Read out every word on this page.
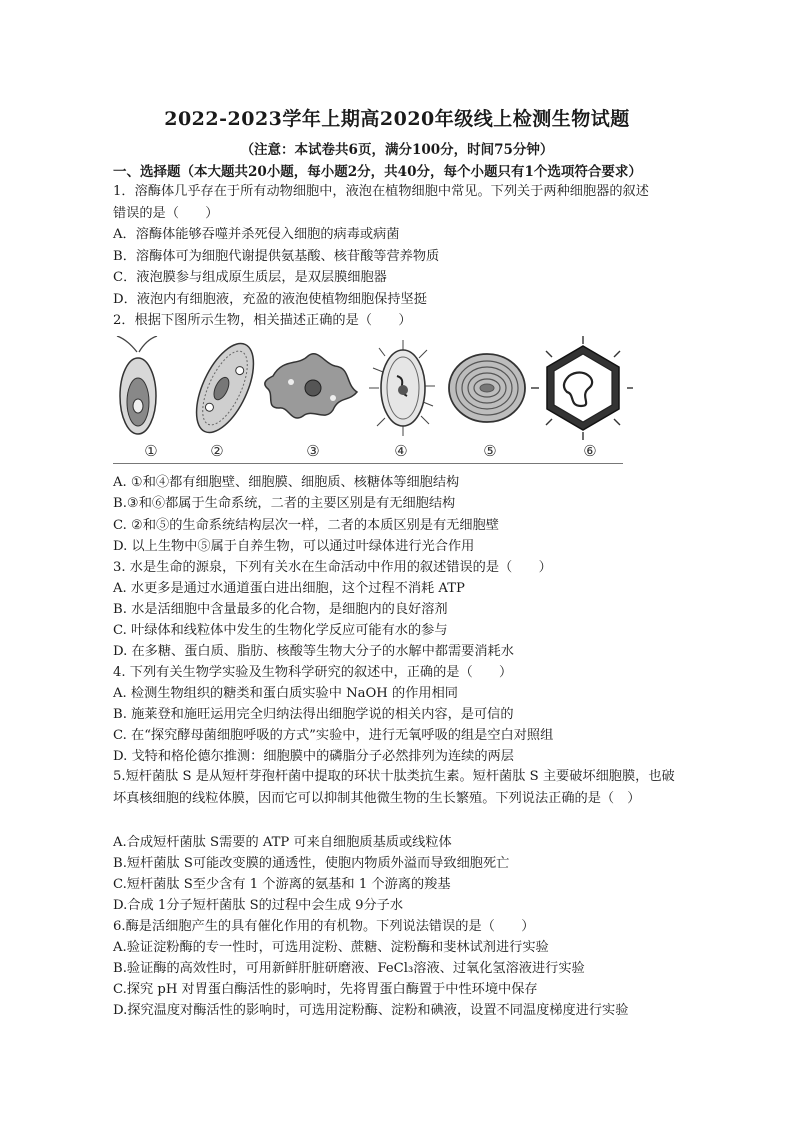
2022-2023学年上期高2020年级线上检测生物试题
（注意：本试卷共6页，满分100分，时间75分钟）
一、选择题（本大题共20小题，每小题2分，共40分，每个小题只有1个选项符合要求）
1．溶酶体几乎存在于所有动物细胞中，液泡在植物细胞中常见。下列关于两种细胞器的叙述
错误的是（　　）
A．溶酶体能够吞噬并杀死侵入细胞的病毒或病菌
B．溶酶体可为细胞代谢提供氨基酸、核苷酸等营养物质
C．液泡膜参与组成原生质层，是双层膜细胞器
D．液泡内有细胞液，充盈的液泡使植物细胞保持坚挺
2．根据下图所示生物，相关描述正确的是（　　）
①	②	③	④	⑤	⑥
A. ①和④都有细胞壁、细胞膜、细胞质、核糖体等细胞结构
B.③和⑥都属于生命系统，二者的主要区别是有无细胞结构
C. ②和⑤的生命系统结构层次一样，二者的本质区别是有无细胞壁
D. 以上生物中⑤属于自养生物，可以通过叶绿体进行光合作用
3. 水是生命的源泉，下列有关水在生命活动中作用的叙述错误的是（　　）
A. 水更多是通过水通道蛋白进出细胞，这个过程不消耗 ATP
B. 水是活细胞中含量最多的化合物，是细胞内的良好溶剂
C. 叶绿体和线粒体中发生的生物化学反应可能有水的参与
D. 在多糖、蛋白质、脂肪、核酸等生物大分子的水解中都需要消耗水
4. 下列有关生物学实验及生物科学研究的叙述中，正确的是（　　）
A. 检测生物组织的糖类和蛋白质实验中 NaOH 的作用相同
B. 施莱登和施旺运用完全归纳法得出细胞学说的相关内容，是可信的
C. 在“探究酵母菌细胞呼吸的方式”实验中，进行无氧呼吸的组是空白对照组
D. 戈特和格伦德尔推测：细胞膜中的磷脂分子必然排列为连续的两层
5.短杆菌肽 S 是从短杆芽孢杆菌中提取的环状十肽类抗生素。短杆菌肽 S 主要破坏细胞膜，也破坏真核细胞的线粒体膜，因而它可以抑制其他微生物的生长繁殖。下列说法正确的是（　）
A.合成短杆菌肽 S需要的 ATP 可来自细胞质基质或线粒体
B.短杆菌肽 S可能改变膜的通透性，使胞内物质外溢而导致细胞死亡
C.短杆菌肽 S至少含有 1 个游离的氨基和 1 个游离的羧基
D.合成 1分子短杆菌肽 S的过程中会生成 9分子水
6.酶是活细胞产生的具有催化作用的有机物。下列说法错误的是（　　）
A.验证淀粉酶的专一性时，可选用淀粉、蔗糖、淀粉酶和斐林试剂进行实验
B.验证酶的高效性时，可用新鲜肝脏研磨液、FeCl₃溶液、过氧化氢溶液进行实验
C.探究 pH 对胃蛋白酶活性的影响时，先将胃蛋白酶置于中性环境中保存
D.探究温度对酶活性的影响时，可选用淀粉酶、淀粉和碘液，设置不同温度梯度进行实验
